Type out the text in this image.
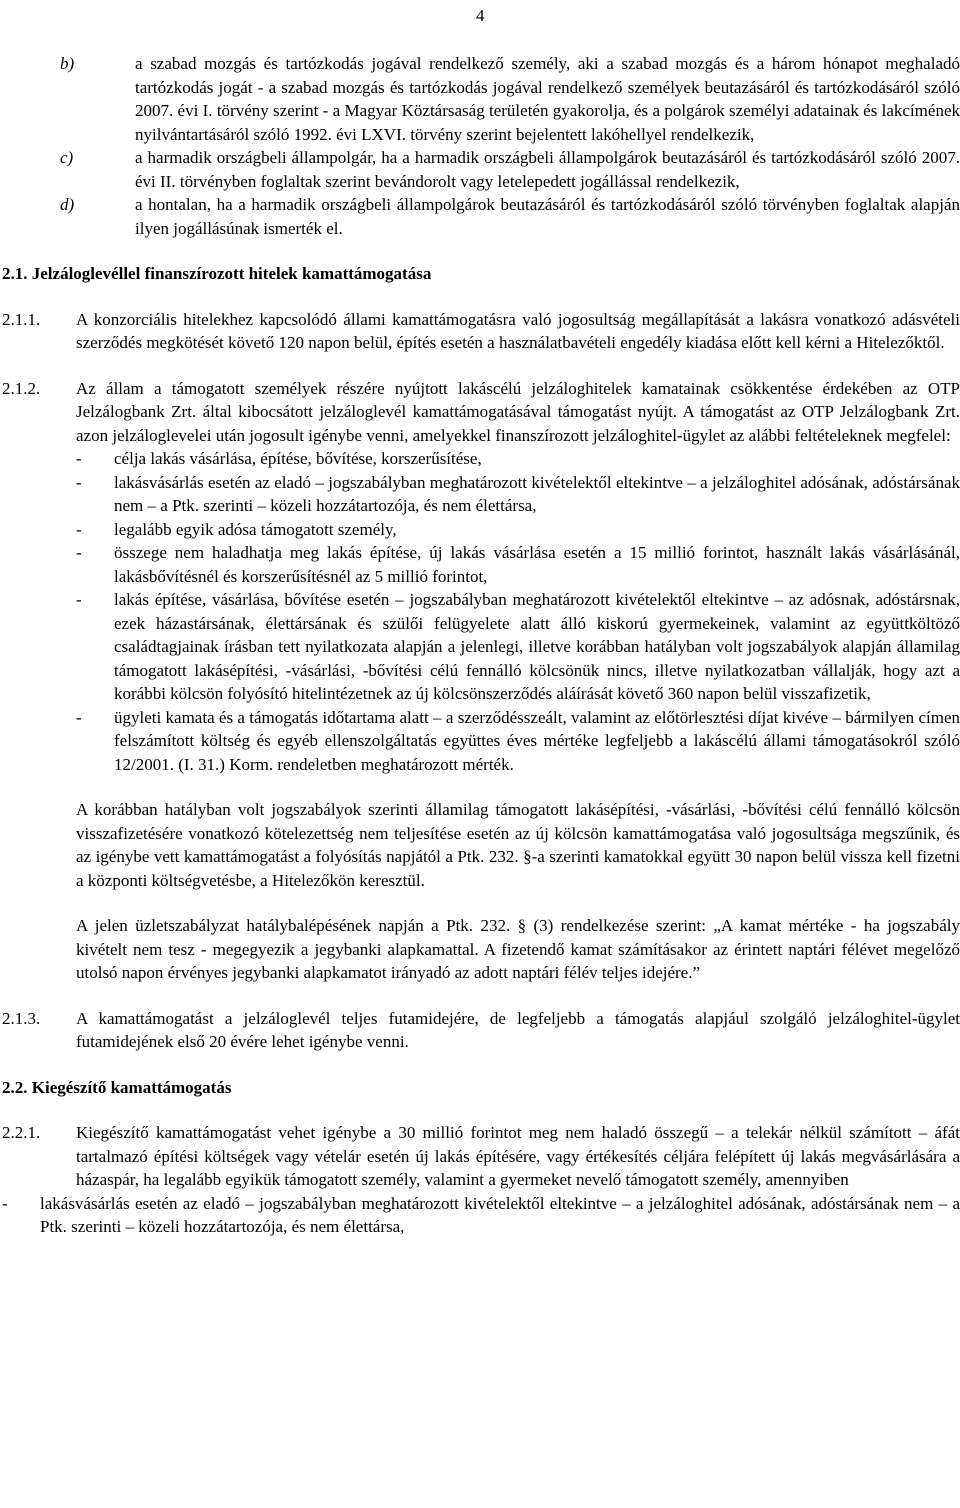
4
b)	a szabad mozgás és tartózkodás jogával rendelkező személy, aki a szabad mozgás és a három hónapot meghaladó tartózkodás jogát - a szabad mozgás és tartózkodás jogával rendelkező személyek beutazásáról és tartózkodásáról szóló 2007. évi I. törvény szerint - a Magyar Köztársaság területén gyakorolja, és a polgárok személyi adatainak és lakcímének nyilvántartásáról szóló 1992. évi LXVI. törvény szerint bejelentett lakóhellyel rendelkezik,
c)	a harmadik országbeli állampolgár, ha a harmadik országbeli állampolgárok beutazásáról és tartózkodásáról szóló 2007. évi II. törvényben foglaltak szerint bevándorolt vagy letelepedett jogállással rendelkezik,
d)	a hontalan, ha a harmadik országbeli állampolgárok beutazásáról és tartózkodásáról szóló törvényben foglaltak alapján ilyen jogállásúnak ismerték el.
2.1. Jelzáloglevéllel finanszírozott hitelek kamattámogatása
2.1.1.	A konzorciális hitelekhez kapcsolódó állami kamattámogatásra való jogosultság megállapítását a lakásra vonatkozó adásvételi szerződés megkötését követő 120 napon belül, építés esetén a használatbavételi engedély kiadása előtt kell kérni a Hitelezőktől.
2.1.2.	Az állam a támogatott személyek részére nyújtott lakáscélú jelzáloghitelek kamatainak csökkentése érdekében az OTP Jelzálogbank Zrt. által kibocsátott jelzáloglevél kamattámogatásával támogatást nyújt. A támogatást az OTP Jelzálogbank Zrt. azon jelzáloglevelei után jogosult igénybe venni, amelyekkel finanszírozott jelzáloghitel-ügylet az alábbi feltételeknek megfelel:
-	célja lakás vásárlása, építése, bővítése, korszerűsítése,
-	lakásvásárlás esetén az eladó – jogszabályban meghatározott kivételektől eltekintve – a jelzáloghitel adósának, adóstársának nem – a Ptk. szerinti – közeli hozzátartozója, és nem élettársa,
-	legalább egyik adósa támogatott személy,
-	összege nem haladhatja meg lakás építése, új lakás vásárlása esetén a 15 millió forintot, használt lakás vásárlásánál, lakásbővítésnél és korszerűsítésnél az 5 millió forintot,
-	lakás építése, vásárlása, bővítése esetén – jogszabályban meghatározott kivételektől eltekintve – az adósnak, adóstársnak, ezek házastársának, élettársának és szülői felügyelete alatt álló kiskorú gyermekeinek, valamint az együttköltöző családtagjainak írásban tett nyilatkozata alapján a jelenlegi, illetve korábban hatályban volt jogszabályok alapján államilag támogatott lakásépítési, -vásárlási, -bővítési célú fennálló kölcsönük nincs, illetve nyilatkozatban vállalják, hogy azt a korábbi kölcsön folyósító hitelintézetnek az új kölcsönszerződés aláírását követő 360 napon belül visszafizetik,
-	ügyleti kamata és a támogatás időtartama alatt – a szerződésszeált, valamint az előtörlesztési díjat kivéve – bármilyen címen felszámított költség és egyéb ellenszolgáltatás együttes éves mértéke legfeljebb a lakáscélú állami támogatásokról szóló 12/2001. (I. 31.) Korm. rendeletben meghatározott mérték.
A korábban hatályban volt jogszabályok szerinti államilag támogatott lakásépítési, -vásárlási, -bővítési célú fennálló kölcsön visszafizetésére vonatkozó kötelezettség nem teljesítése esetén az új kölcsön kamattámogatása való jogosultsága megszűnik, és az igénybe vett kamattámogatást a folyósítás napjától a Ptk. 232. §-a szerinti kamatokkal együtt 30 napon belül vissza kell fizetni a központi költségvetésbe, a Hitelezőkön keresztül.
A jelen üzletszabályzat hatálybalépésének napján a Ptk. 232. § (3) rendelkezése szerint: „A kamat mértéke - ha jogszabály kivételt nem tesz - megegyezik a jegybanki alapkamattal. A fizetendő kamat számításakor az érintett naptári félévet megelőző utolsó napon érvényes jegybanki alapkamatot irányadó az adott naptári félév teljes idejére.”
2.1.3.	A kamattámogatást a jelzáloglevél teljes futamidejére, de legfeljebb a támogatás alapjául szolgáló jelzáloghitel-ügylet futamidejének első 20 évére lehet igénybe venni.
2.2. Kiegészítő kamattámogatás
2.2.1.	Kiegészítő kamattámogatást vehet igénybe a 30 millió forintot meg nem haladó összegű – a telekár nélkül számított – áfát tartalmazó építési költségek vagy vételár esetén új lakás építésére, vagy értékesítés céljára felépített új lakás megvásárlására a házaspár, ha legalább egyikük támogatott személy, valamint a gyermeket nevelő támogatott személy, amennyiben
-	lakásvásárlás esetén az eladó – jogszabályban meghatározott kivételektől eltekintve – a jelzáloghitel adósának, adóstársának nem – a Ptk. szerinti – közeli hozzátartozója, és nem élettársa,
